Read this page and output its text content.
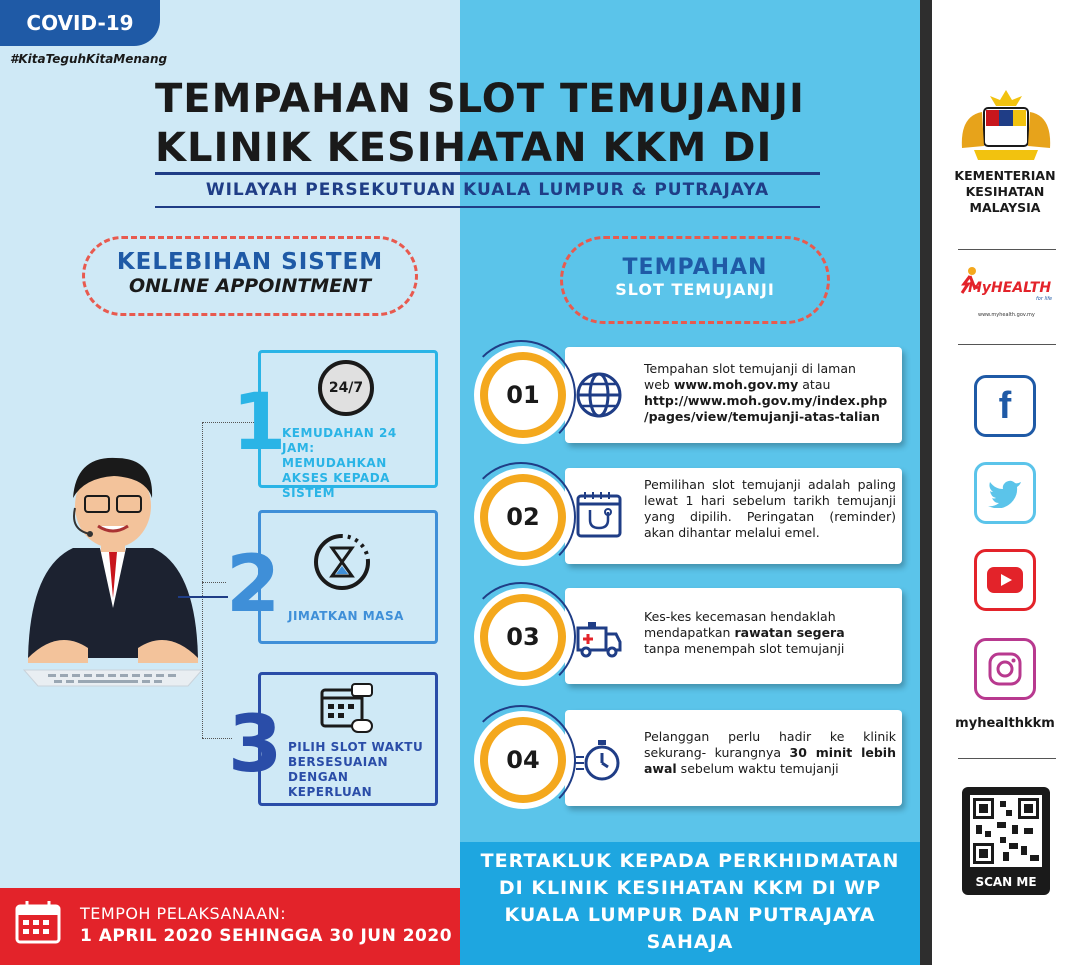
COVID-19
#KitaTeguhKitaMenang
TEMPAHAN SLOT TEMUJANJI
KLINIK KESIHATAN KKM DI
WILAYAH PERSEKUTUAN KUALA LUMPUR & PUTRAJAYA
KELEBIHAN SISTEM
ONLINE APPOINTMENT
TEMPAHAN
SLOT TEMUJANJI
1
2
3
24/7
KEMUDAHAN 24 JAM:
MEMUDAHKAN
AKSES KEPADA
SISTEM
JIMATKAN MASA
PILIH SLOT WAKTU
BERSESUAIAN
DENGAN
KEPERLUAN
01
02
03
04
Tempahan slot temujanji di laman
web www.moh.gov.my atau
http://www.moh.gov.my/index.php
/pages/view/temujanji-atas-talian
Pemilihan slot temujanji adalah paling lewat 1 hari sebelum tarikh temujanji yang dipilih. Peringatan (reminder) akan dihantar melalui emel.
Kes-kes kecemasan hendaklah
mendapatkan rawatan segera
tanpa menempah slot temujanji
Pelanggan perlu hadir ke klinik sekurang- kurangnya 30 minit lebih awal sebelum waktu temujanji
TERTAKLUK KEPADA PERKHIDMATAN
DI KLINIK KESIHATAN KKM DI WP
KUALA LUMPUR DAN PUTRAJAYA
SAHAJA
TEMPOH PELAKSANAAN:
1 APRIL 2020 SEHINGGA 30 JUN 2020
KEMENTERIAN
KESIHATAN
MALAYSIA
MyHEALTH
for life
www.myhealth.gov.my
f
myhealthkkm
SCAN ME
